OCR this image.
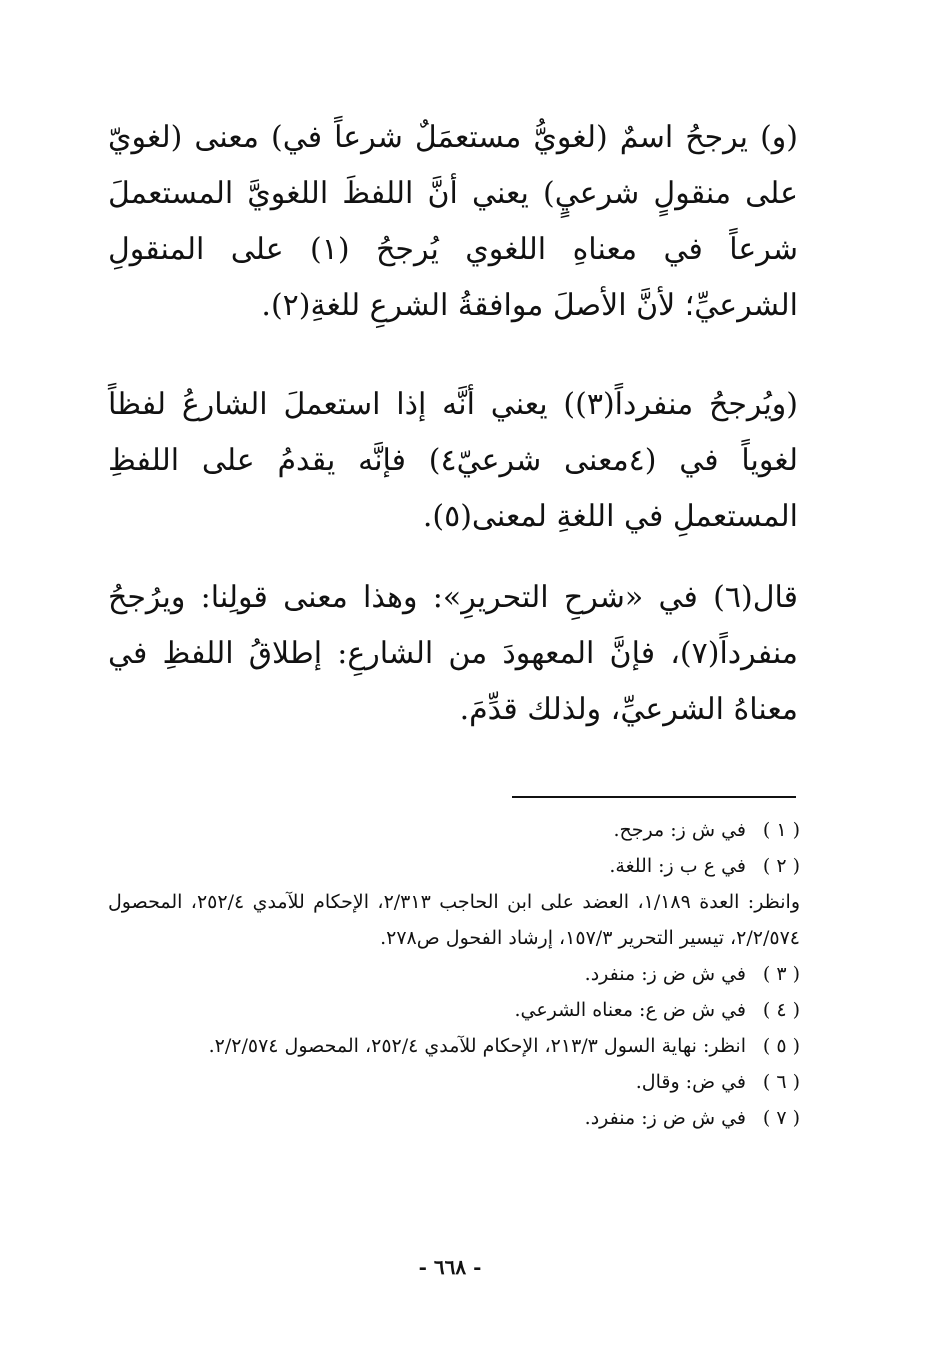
(و) يرجحُ اسمٌ (لغويُّ مستعمَلٌ شرعاً في) معنى (لغويّ على منقولٍ شرعيٍ) يعني أنَّ اللفظَ اللغويَّ المستعملَ شرعاً في معناهِ اللغوي يُرجحُ (١) على المنقولِ الشرعيِّ؛ لأنَّ الأصلَ موافقةُ الشرعِ للغةِ(٢).

(ويُرجحُ منفرداً(٣)) يعني أنَّه إذا استعملَ الشارعُ لفظاً لغوياً في (٤معنى شرعيّ٤) فإنَّه يقدمُ على اللفظِ المستعملِ في اللغةِ لمعنى(٥).

قال(٦) في «شرحِ التحريرِ»: وهذا معنى قولِنا: ويرُجحُ منفرداً(٧)، فإنَّ المعهودَ من الشارعِ: إطلاقُ اللفظِ في معناهُ الشرعيِّ، ولذلك قدِّمَ.

( ١ )
في ش ز: مرجح.
( ٢ )
في ع ب ز: اللغة.
وانظر: العدة ١/١٨٩، العضد على ابن الحاجب ٢/٣١٣، الإحكام للآمدي ٢٥٢/٤، المحصول ٢/٢/٥٧٤، تيسير التحرير ١٥٧/٣، إرشاد الفحول ص٢٧٨.
( ٣ )
في ش ض ز: منفرد.
( ٤ )
في ش ض ع: معناه الشرعي.
( ٥ )
انظر: نهاية السول ٢١٣/٣، الإحكام للآمدي ٢٥٢/٤، المحصول ٢/٢/٥٧٤.
( ٦ )
في ض: وقال.
( ٧ )
في ش ض ز: منفرد.
- ٦٦٨ -
